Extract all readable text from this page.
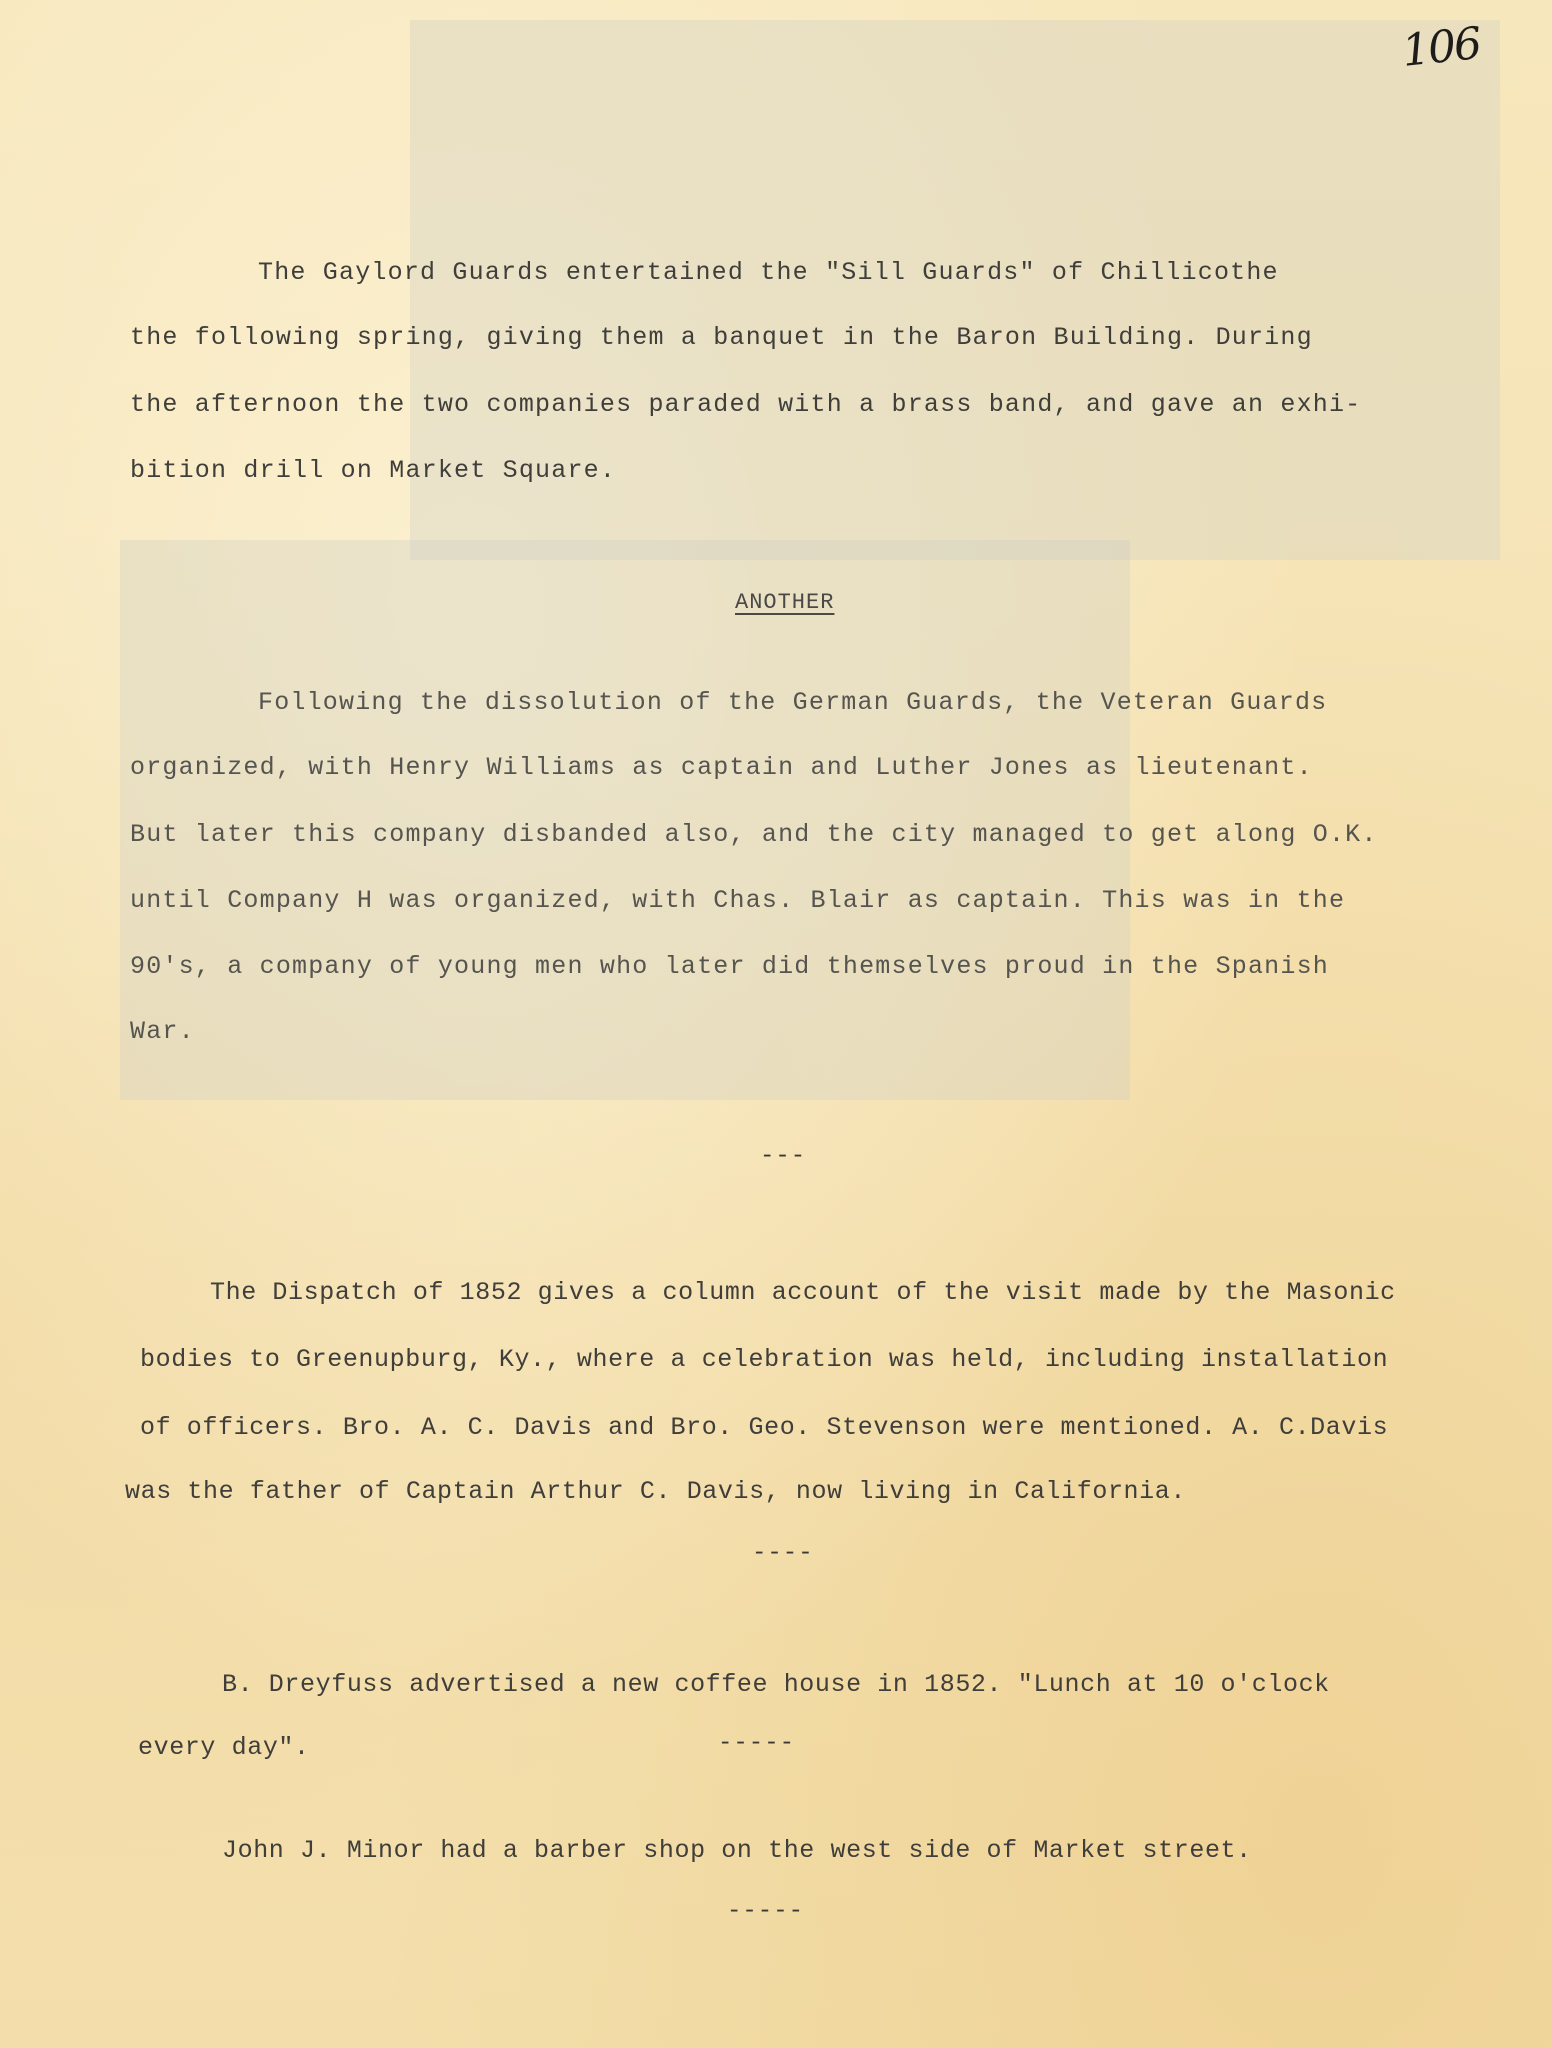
106
The Gaylord Guards entertained the "Sill Guards" of Chillicothe
the following spring, giving them a banquet in the Baron Building. During
the afternoon the two companies paraded with a brass band, and gave an exhi-
bition drill on Market Square.
ANOTHER
Following the dissolution of the German Guards, the Veteran Guards
organized, with Henry Williams as captain and Luther Jones as lieutenant.
But later this company disbanded also, and the city managed to get along O.K.
until Company H was organized, with Chas. Blair as captain. This was in the
90's, a company of young men who later did themselves proud in the Spanish
War.
---
The Dispatch of 1852 gives a column account of the visit made by the Masonic
bodies to Greenupburg, Ky., where a celebration was held, including installation
of officers. Bro. A. C. Davis and Bro. Geo. Stevenson were mentioned. A. C.Davis
was the father of Captain Arthur C. Davis, now living in California.
----

B. Dreyfuss advertised a new coffee house in 1852. "Lunch at 10 o'clock
every day".	-----
John J. Minor had a barber shop on the west side of Market street.
-----
